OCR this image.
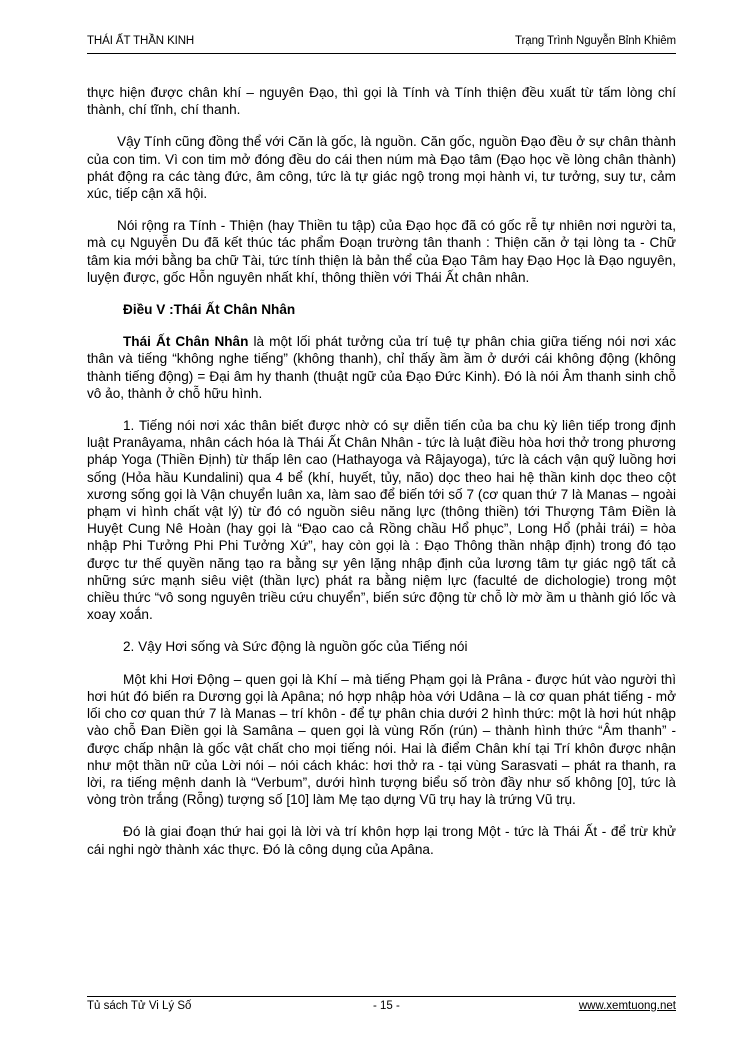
THÁI ẤT THẦN KINH	Trạng Trình Nguyễn Bỉnh Khiêm

thực hiện được chân khí – nguyên Đạo, thì gọi là Tính và Tính thiện đều xuất từ tấm lòng chí thành, chí tĩnh, chí thanh.

Vậy Tính cũng đồng thể với Căn là gốc, là nguồn. Căn gốc, nguồn Đạo đều ở sự chân thành của con tim. Vì con tim mở đóng đều do cái then núm mà Đạo tâm (Đạo học về lòng chân thành) phát động ra các tàng đức, âm công, tức là tự giác ngộ trong mọi hành vi, tư tưởng, suy tư, cảm xúc, tiếp cận xã hội.

Nói rộng ra Tính - Thiện (hay Thiền tu tập) của Đạo học đã có gốc rễ tự nhiên nơi người ta, mà cụ Nguyễn Du đã kết thúc tác phẩm Đoạn trường tân thanh : Thiện căn ở tại lòng ta - Chữ tâm kia mới bằng ba chữ Tài, tức tính thiện là bản thể của Đạo Tâm hay Đạo Học là Đạo nguyên, luyện được, gốc Hỗn nguyên nhất khí, thông thiền với Thái Ất chân nhân.

Điều V :Thái Ất Chân Nhân

Thái Ất Chân Nhân là một lối phát tưởng của trí tuệ tự phân chia giữa tiếng nói nơi xác thân và tiếng “không nghe tiếng” (không thanh), chỉ thấy ầm ầm ở dưới cái không động (không thành tiếng động) = Đại âm hy thanh (thuật ngữ của Đạo Đức Kinh). Đó là nói Âm thanh sinh chỗ vô ảo, thành ở chỗ hữu hình.

1. Tiếng nói nơi xác thân biết được nhờ có sự diễn tiến của ba chu kỳ liên tiếp trong định luật Pranâyama, nhân cách hóa là Thái Ất Chân Nhân - tức là luật điều hòa hơi thở trong phương pháp Yoga (Thiền Định) từ thấp lên cao (Hathayoga và Râjayoga), tức là cách vận quỹ luồng hơi sống (Hỏa hầu Kundalini) qua 4 bể (khí, huyết, tủy, não) dọc theo hai hệ thần kinh dọc theo cột xương sống gọi là Vận chuyển luân xa, làm sao để biến tới số 7 (cơ quan thứ 7 là Manas – ngoài phạm vi hình chất vật lý) từ đó có nguồn siêu năng lực (thông thiền) tới Thượng Tâm Điền là Huyệt Cung Nê Hoàn (hay gọi là “Đạo cao cả Rồng chầu Hổ phục”, Long Hổ (phải trái) = hòa nhập Phi Tưởng Phi Phi Tưởng Xứ”, hay còn gọi là : Đạo Thông thần nhập định) trong đó tạo được tư thế quyền năng tạo ra bằng sự yên lặng nhập định của lương tâm tự giác ngộ tất cả những sức mạnh siêu việt (thần lực) phát ra bằng niệm lực (faculté de dichologie) trong một chiều thức “vô song nguyên triều cứu chuyển”, biến sức động từ chỗ lờ mờ ầm u thành gió lốc và xoay xoắn.

2. Vậy Hơi sống và Sức động là nguồn gốc của Tiếng nói

Một khi Hơi Động – quen gọi là Khí – mà tiếng Phạm gọi là Prâna - được hút vào người thì hơi hút đó biến ra Dương gọi là Apâna; nó hợp nhập hòa với Udâna – là cơ quan phát tiếng - mở lối cho cơ quan thứ 7 là Manas – trí khôn - để tự phân chia dưới 2 hình thức: một là hơi hút nhập vào chỗ Đan Điền gọi là Samâna – quen gọi là vùng Rốn (rún) – thành hình thức “Âm thanh” - được chấp nhận là gốc vật chất cho mọi tiếng nói. Hai là điểm Chân khí tại Trí khôn được nhận như một thần nữ của Lời nói – nói cách khác: hơi thở ra - tại vùng Sarasvati – phát ra thanh, ra lời, ra tiếng mệnh danh là “Verbum”, dưới hình tượng biểu số tròn đầy như số không [0], tức là vòng tròn trắng (Rỗng) tượng số [10] làm Mẹ tạo dựng Vũ trụ hay là trứng Vũ trụ.

Đó là giai đoạn thứ hai gọi là lời và trí khôn hợp lại trong Một - tức là Thái Ất - để trừ khử cái nghi ngờ thành xác thực. Đó là công dụng của Apâna.

Tủ sách Tử Vi Lý Số	- 15 -	www.xemtuong.net
